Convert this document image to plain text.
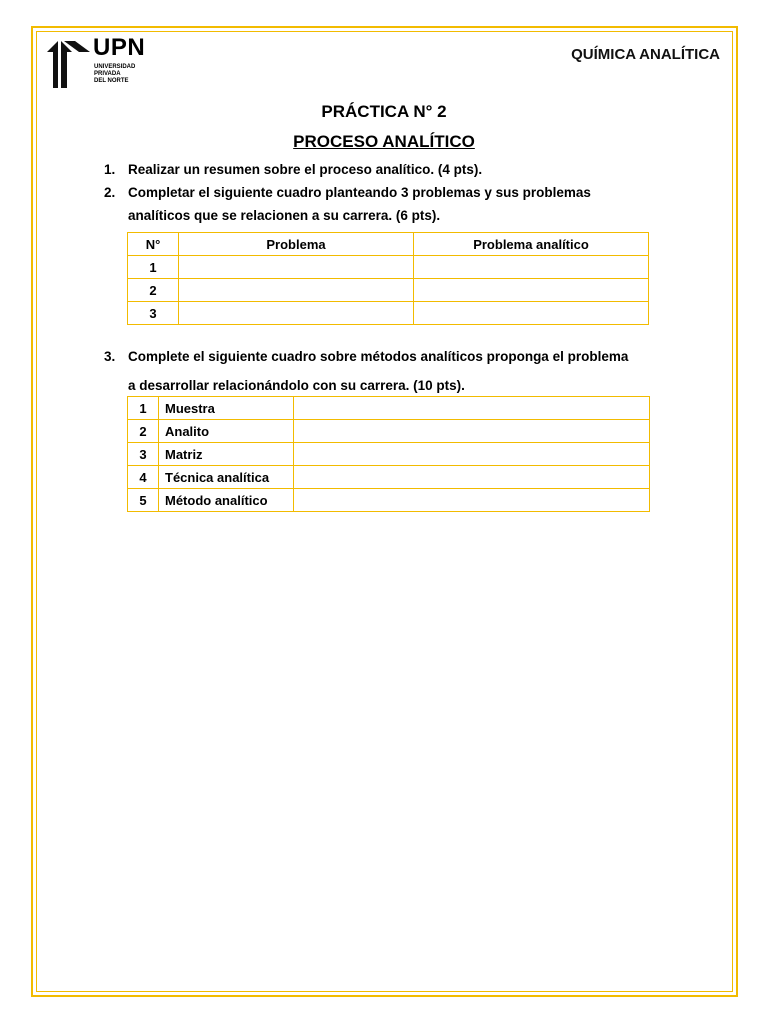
UPN
UNIVERSIDAD
PRIVADA
DEL NORTE
QUÍMICA ANALÍTICA
PRÁCTICA N° 2
PROCESO ANALÍTICO
1. Realizar un resumen sobre el proceso analítico. (4 pts).
2. Completar el siguiente cuadro planteando 3 problemas y sus problemas
analíticos que se relacionen a su carrera. (6 pts).
N°	Problema	Problema analítico
1		
2		
3		
3. Complete el siguiente cuadro sobre métodos analíticos proponga el problema
a desarrollar relacionándolo con su carrera. (10 pts).
1	Muestra	
2	Analito	
3	Matriz	
4	Técnica analítica	
5	Método analítico	
